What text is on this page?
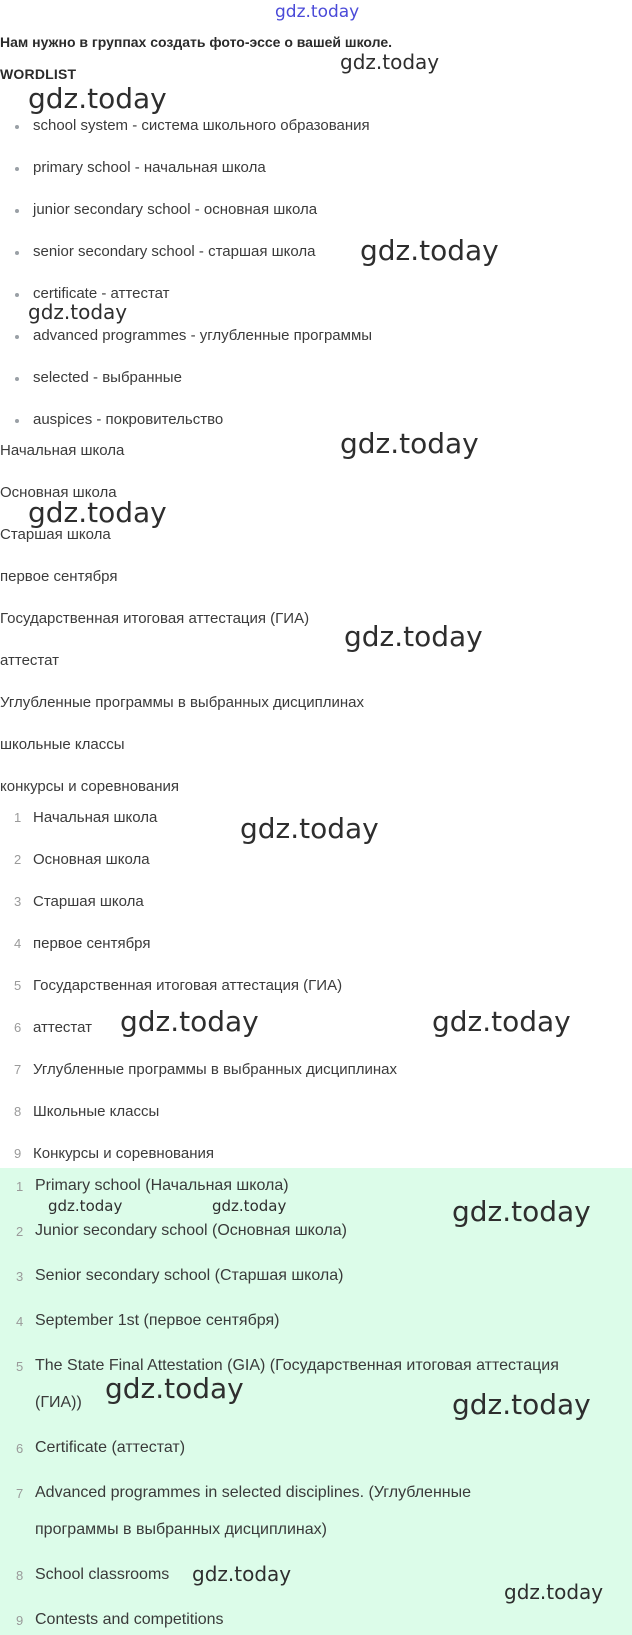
gdz.today
Нам нужно в группах создать фото-эссе о вашей школе.
WORDLIST
school system - система школьного образования
primary school - начальная школа
junior secondary school - основная школа
senior secondary school - старшая школа
certificate - аттестат
advanced programmes - углубленные программы
selected - выбранные
auspices - покровительство
Начальная школа
Основная школа
Старшая школа
первое сентября
Государственная итоговая аттестация (ГИА)
аттестат
Углубленные программы в выбранных дисциплинах
школьные классы
конкурсы и соревнования
1 Начальная школа
2 Основная школа
3 Старшая школа
4 первое сентября
5 Государственная итоговая аттестация (ГИА)
6 аттестат
7 Углубленные программы в выбранных дисциплинах
8 Школьные классы
9 Конкурсы и соревнования
1 Primary school (Начальная школа)
2 Junior secondary school (Основная школа)
3 Senior secondary school (Старшая школа)
4 September 1st (первое сентября)
5 The State Final Attestation (GIA) (Государственная итоговая аттестация
(ГИА))
6 Certificate (аттестат)
7 Advanced programmes in selected disciplines. (Углубленные
программы в выбранных дисциплинах)
8 School classrooms
9 Contests and competitions
gdz.today
gdz.today
gdz.today
gdz.today
gdz.today
gdz.today
gdz.today
gdz.today
gdz.today	gdz.today
gdz.today	gdz.today	gdz.today
gdz.today	gdz.today
gdz.today
gdz.today
